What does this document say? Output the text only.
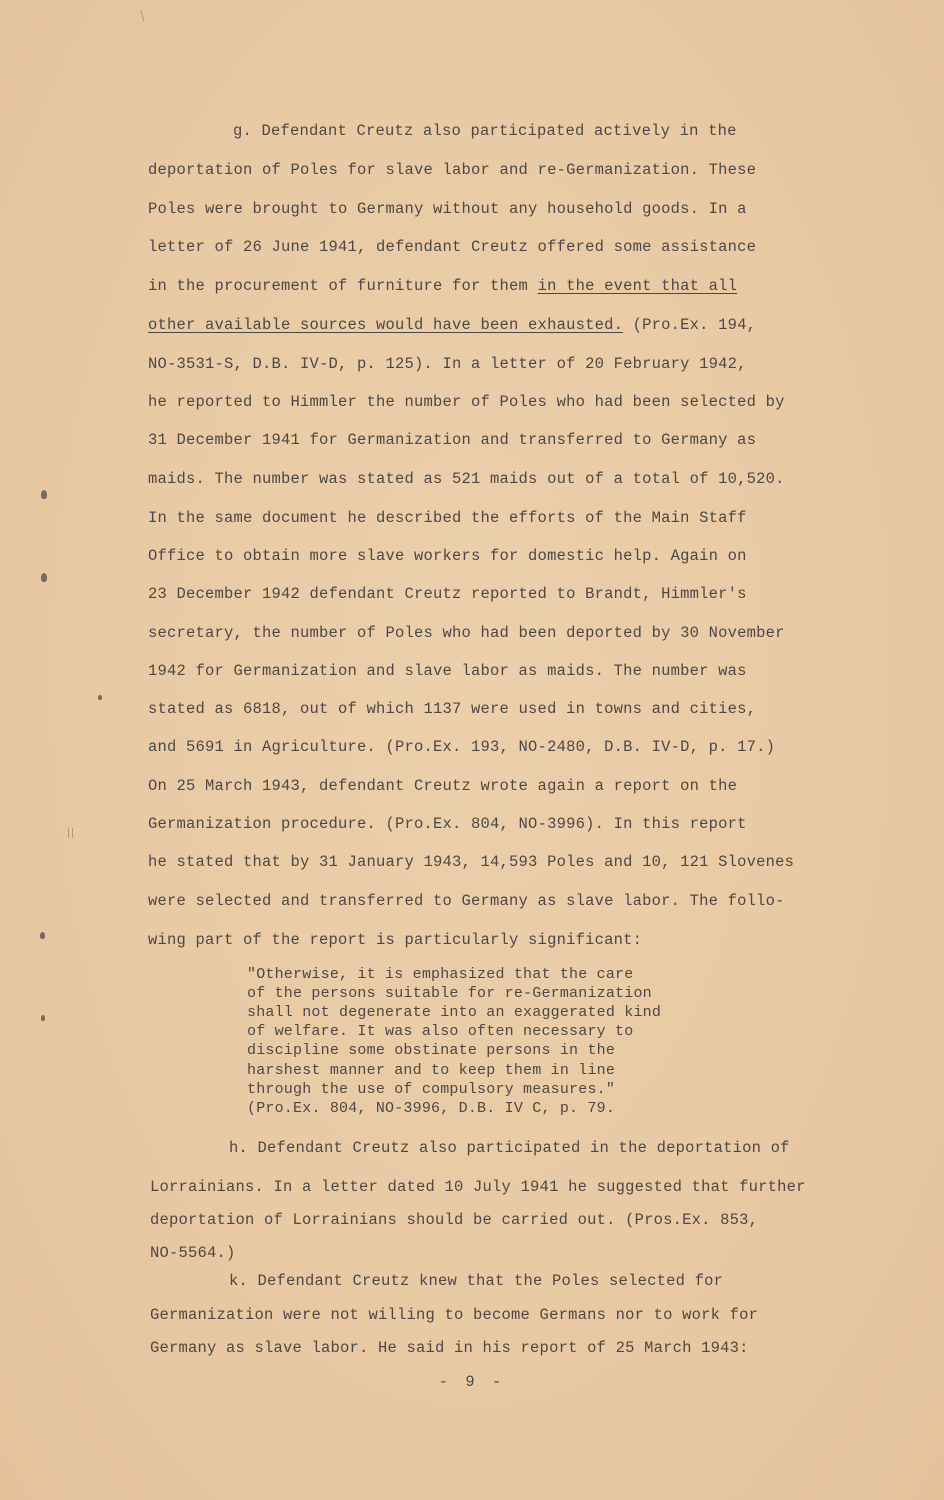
g. Defendant Creutz also participated actively in the
deportation of Poles for slave labor and re-Germanization. These
Poles were brought to Germany without any household goods. In a
letter of 26 June 1941, defendant Creutz offered some assistance
in the procurement of furniture for them in the event that all
other available sources would have been exhausted. (Pro.Ex. 194,
NO-3531-S, D.B. IV-D, p. 125). In a letter of 20 February 1942,
he reported to Himmler the number of Poles who had been selected by
31 December 1941 for Germanization and transferred to Germany as
maids. The number was stated as 521 maids out of a total of 10,520.
In the same document he described the efforts of the Main Staff
Office to obtain more slave workers for domestic help. Again on
23 December 1942 defendant Creutz reported to Brandt, Himmler's
secretary, the number of Poles who had been deported by 30 November
1942 for Germanization and slave labor as maids. The number was
stated as 6818, out of which 1137 were used in towns and cities,
and 5691 in Agriculture. (Pro.Ex. 193, NO-2480, D.B. IV-D, p. 17.)
On 25 March 1943, defendant Creutz wrote again a report on the
Germanization procedure. (Pro.Ex. 804, NO-3996). In this report
he stated that by 31 January 1943, 14,593 Poles and 10, 121 Slovenes
were selected and transferred to Germany as slave labor. The follo-
wing part of the report is particularly significant:
"Otherwise, it is emphasized that the care
of the persons suitable for re-Germanization
shall not degenerate into an exaggerated kind
of welfare. It was also often necessary to
discipline some obstinate persons in the
harshest manner and to keep them in line
through the use of compulsory measures."
(Pro.Ex. 804, NO-3996, D.B. IV C, p. 79.
h. Defendant Creutz also participated in the deportation of
Lorrainians. In a letter dated 10 July 1941 he suggested that further
deportation of Lorrainians should be carried out. (Pros.Ex. 853,
NO-5564.)
k. Defendant Creutz knew that the Poles selected for
Germanization were not willing to become Germans nor to work for
Germany as slave labor. He said in his report of 25 March 1943:
- 9 -
